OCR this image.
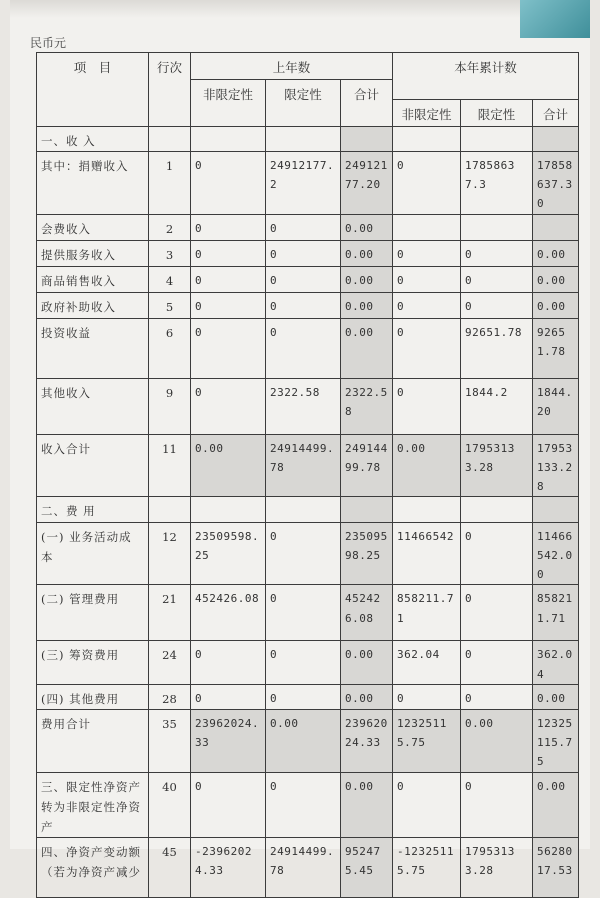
民币元
项　目	行次	上年数			本年累计数		
		非限定性	限定性	合计			
					非限定性	限定性	合计
一、收 入							
其中：捐赠收入	1	0	24912177.2	24912177.20	0	17858637.3	17858637.30
会费收入	2	0	0	0.00			
提供服务收入	3	0	0	0.00	0	0	0.00
商品销售收入	4	0	0	0.00	0	0	0.00
政府补助收入	5	0	0	0.00	0	0	0.00
投资收益	6	0	0	0.00	0	92651.78	92651.78
其他收入	9	0	2322.58	2322.58	0	1844.2	1844.20
收入合计	11	0.00	24914499.78	24914499.78	0.00	17953133.28	17953133.28
二、费 用							
(一) 业务活动成本	12	23509598.25	0	23509598.25	11466542	0	11466542.00
(二) 管理费用	21	452426.08	0	452426.08	858211.71	0	858211.71
(三) 筹资费用	24	0	0	0.00	362.04	0	362.04
(四) 其他费用	28	0	0	0.00	0	0	0.00
费用合计	35	23962024.33	0.00	23962024.33	12325115.75	0.00	12325115.75
三、限定性净资产转为非限定性净资产	40	0	0	0.00	0	0	0.00
四、净资产变动额（若为净资产减少	45	-23962024.33	24914499.78	952475.45	-12325115.75	17953133.28	5628017.53
